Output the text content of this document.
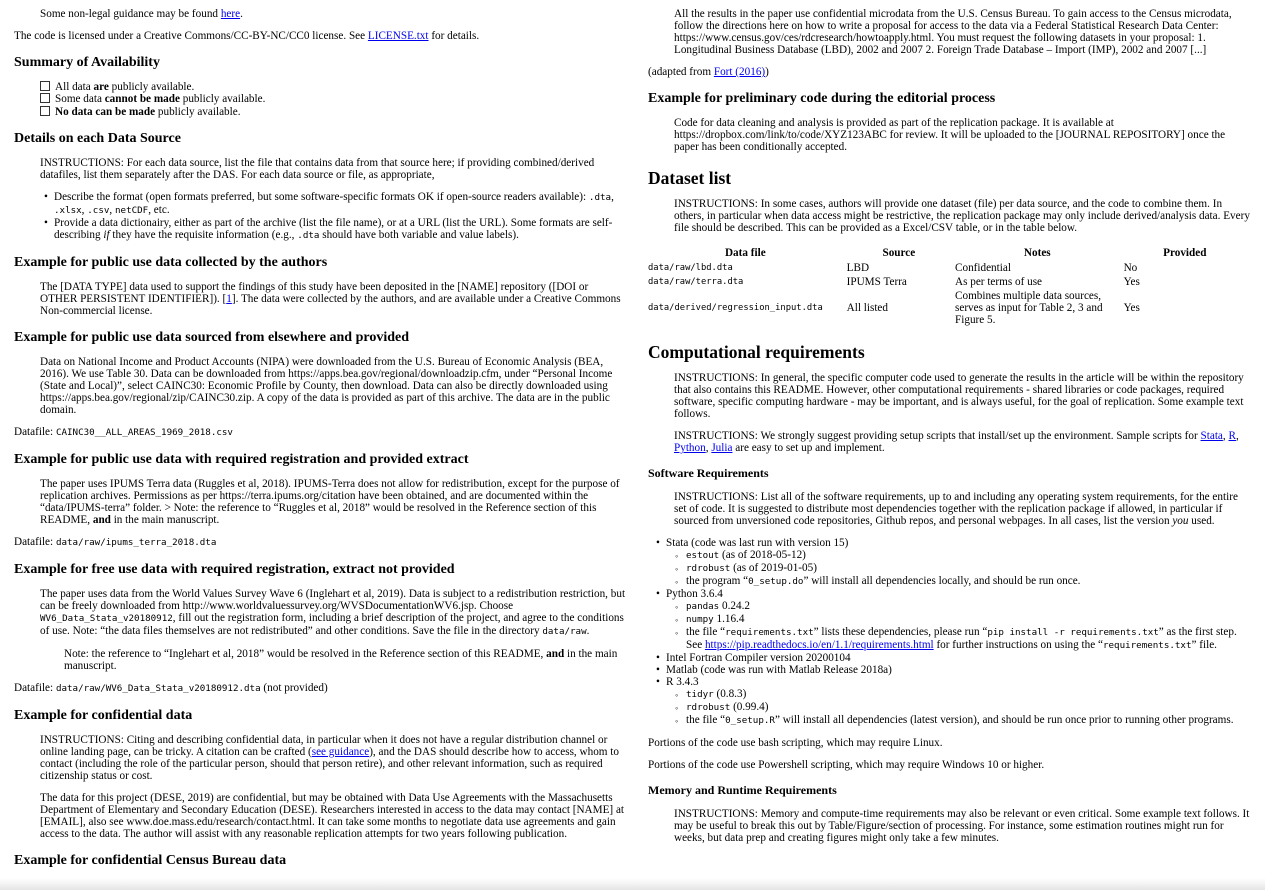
Some non-legal guidance may be found here.
The code is licensed under a Creative Commons/CC-BY-NC/CC0 license. See LICENSE.txt for details.
Summary of Availability
All data are publicly available.
Some data cannot be made publicly available.
No data can be made publicly available.
Details on each Data Source
INSTRUCTIONS: For each data source, list the file that contains data from that source here; if providing combined/derived datafiles, list them separately after the DAS. For each data source or file, as appropriate,
• Describe the format (open formats preferred, but some software-specific formats OK if open-source readers available): .dta, .xlsx, .csv, netCDF, etc.
• Provide a data dictionairy, either as part of the archive (list the file name), or at a URL (list the URL). Some formats are self-describing if they have the requisite information (e.g., .dta should have both variable and value labels).
Example for public use data collected by the authors
The [DATA TYPE] data used to support the findings of this study have been deposited in the [NAME] repository ([DOI or OTHER PERSISTENT IDENTIFIER]). [1]. The data were collected by the authors, and are available under a Creative Commons Non-commercial license.
Example for public use data sourced from elsewhere and provided
Data on National Income and Product Accounts (NIPA) were downloaded from the U.S. Bureau of Economic Analysis (BEA, 2016). We use Table 30. Data can be downloaded from https://apps.bea.gov/regional/downloadzip.cfm, under “Personal Income (State and Local)”, select CAINC30: Economic Profile by County, then download. Data can also be directly downloaded using https://apps.bea.gov/regional/zip/CAINC30.zip. A copy of the data is provided as part of this archive. The data are in the public domain.
Datafile: CAINC30__ALL_AREAS_1969_2018.csv
Example for public use data with required registration and provided extract
The paper uses IPUMS Terra data (Ruggles et al, 2018). IPUMS-Terra does not allow for redistribution, except for the purpose of replication archives. Permissions as per https://terra.ipums.org/citation have been obtained, and are documented within the “data/IPUMS-terra” folder. > Note: the reference to “Ruggles et al, 2018” would be resolved in the Reference section of this README, and in the main manuscript.
Datafile: data/raw/ipums_terra_2018.dta
Example for free use data with required registration, extract not provided
The paper uses data from the World Values Survey Wave 6 (Inglehart et al, 2019). Data is subject to a redistribution restriction, but can be freely downloaded from http://www.worldvaluessurvey.org/WVSDocumentationWV6.jsp. Choose WV6_Data_Stata_v20180912, fill out the registration form, including a brief description of the project, and agree to the conditions of use. Note: “the data files themselves are not redistributed” and other conditions. Save the file in the directory data/raw.
Note: the reference to “Inglehart et al, 2018” would be resolved in the Reference section of this README, and in the main manuscript.
Datafile: data/raw/WV6_Data_Stata_v20180912.dta (not provided)
Example for confidential data
INSTRUCTIONS: Citing and describing confidential data, in particular when it does not have a regular distribution channel or online landing page, can be tricky. A citation can be crafted (see guidance), and the DAS should describe how to access, whom to contact (including the role of the particular person, should that person retire), and other relevant information, such as required citizenship status or cost.
The data for this project (DESE, 2019) are confidential, but may be obtained with Data Use Agreements with the Massachusetts Department of Elementary and Secondary Education (DESE). Researchers interested in access to the data may contact [NAME] at [EMAIL], also see www.doe.mass.edu/research/contact.html. It can take some months to negotiate data use agreements and gain access to the data. The author will assist with any reasonable replication attempts for two years following publication.
Example for confidential Census Bureau data
All the results in the paper use confidential microdata from the U.S. Census Bureau. To gain access to the Census microdata, follow the directions here on how to write a proposal for access to the data via a Federal Statistical Research Data Center: https://www.census.gov/ces/rdcresearch/howtoapply.html. You must request the following datasets in your proposal: 1. Longitudinal Business Database (LBD), 2002 and 2007 2. Foreign Trade Database – Import (IMP), 2002 and 2007 [...]
(adapted from Fort (2016))
Example for preliminary code during the editorial process
Code for data cleaning and analysis is provided as part of the replication package. It is available at https://dropbox.com/link/to/code/XYZ123ABC for review. It will be uploaded to the [JOURNAL REPOSITORY] once the paper has been conditionally accepted.
Dataset list
INSTRUCTIONS: In some cases, authors will provide one dataset (file) per data source, and the code to combine them. In others, in particular when data access might be restrictive, the replication package may only include derived/analysis data. Every file should be described. This can be provided as a Excel/CSV table, or in the table below.
Data file	Source	Notes	Provided
data/raw/lbd.dta	LBD	Confidential	No
data/raw/terra.dta	IPUMS Terra	As per terms of use	Yes
data/derived/regression_input.dta	All listed	Combines multiple data sources, serves as input for Table 2, 3 and Figure 5.	Yes
Computational requirements
INSTRUCTIONS: In general, the specific computer code used to generate the results in the article will be within the repository that also contains this README. However, other computational requirements - shared libraries or code packages, required software, specific computing hardware - may be important, and is always useful, for the goal of replication. Some example text follows.
INSTRUCTIONS: We strongly suggest providing setup scripts that install/set up the environment. Sample scripts for Stata, R, Python, Julia are easy to set up and implement.
Software Requirements
INSTRUCTIONS: List all of the software requirements, up to and including any operating system requirements, for the entire set of code. It is suggested to distribute most dependencies together with the replication package if allowed, in particular if sourced from unversioned code repositories, Github repos, and personal webpages. In all cases, list the version you used.
• Stata (code was last run with version 15)
◦ estout (as of 2018-05-12)
◦ rdrobust (as of 2019-01-05)
◦ the program “0_setup.do” will install all dependencies locally, and should be run once.
• Python 3.6.4
◦ pandas 0.24.2
◦ numpy 1.16.4
◦ the file “requirements.txt” lists these dependencies, please run “pip install -r requirements.txt” as the first step. See https://pip.readthedocs.io/en/1.1/requirements.html for further instructions on using the “requirements.txt” file.
• Intel Fortran Compiler version 20200104
• Matlab (code was run with Matlab Release 2018a)
• R 3.4.3
◦ tidyr (0.8.3)
◦ rdrobust (0.99.4)
◦ the file “0_setup.R” will install all dependencies (latest version), and should be run once prior to running other programs.
Portions of the code use bash scripting, which may require Linux.
Portions of the code use Powershell scripting, which may require Windows 10 or higher.
Memory and Runtime Requirements
INSTRUCTIONS: Memory and compute-time requirements may also be relevant or even critical. Some example text follows. It may be useful to break this out by Table/Figure/section of processing. For instance, some estimation routines might run for weeks, but data prep and creating figures might only take a few minutes.
